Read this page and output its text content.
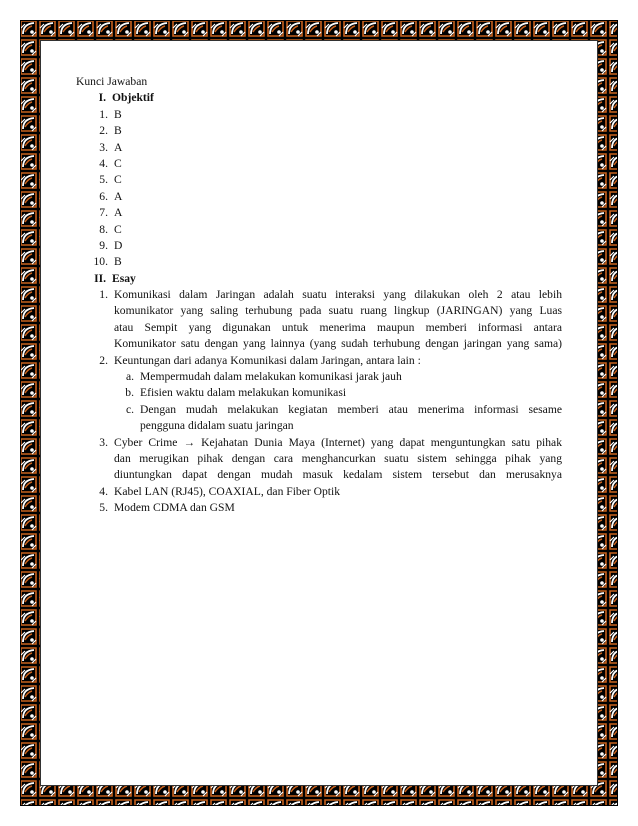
Kunci Jawaban
I. Objektif
1. B
2. B
3. A
4. C
5. C
6. A
7. A
8. C
9. D
10. B
II. Esay
1. Komunikasi dalam Jaringan adalah suatu interaksi yang dilakukan oleh 2 atau lebih
komunikator yang saling terhubung pada suatu ruang lingkup (JARINGAN) yang Luas
atau Sempit yang digunakan untuk menerima maupun memberi informasi antara
Komunikator satu dengan yang lainnya (yang sudah terhubung dengan jaringan yang sama)
2. Keuntungan dari adanya Komunikasi dalam Jaringan, antara lain :
a. Mempermudah dalam melakukan komunikasi jarak jauh
b. Efisien waktu dalam melakukan komunikasi
c. Dengan mudah melakukan kegiatan memberi atau menerima informasi sesame
pengguna didalam suatu jaringan
3. Cyber Crime → Kejahatan Dunia Maya (Internet) yang dapat menguntungkan satu pihak
dan merugikan pihak dengan cara menghancurkan suatu sistem sehingga pihak yang
diuntungkan dapat dengan mudah masuk kedalam sistem tersebut dan merusaknya
4. Kabel LAN (RJ45), COAXIAL, dan Fiber Optik
5. Modem CDMA dan GSM
